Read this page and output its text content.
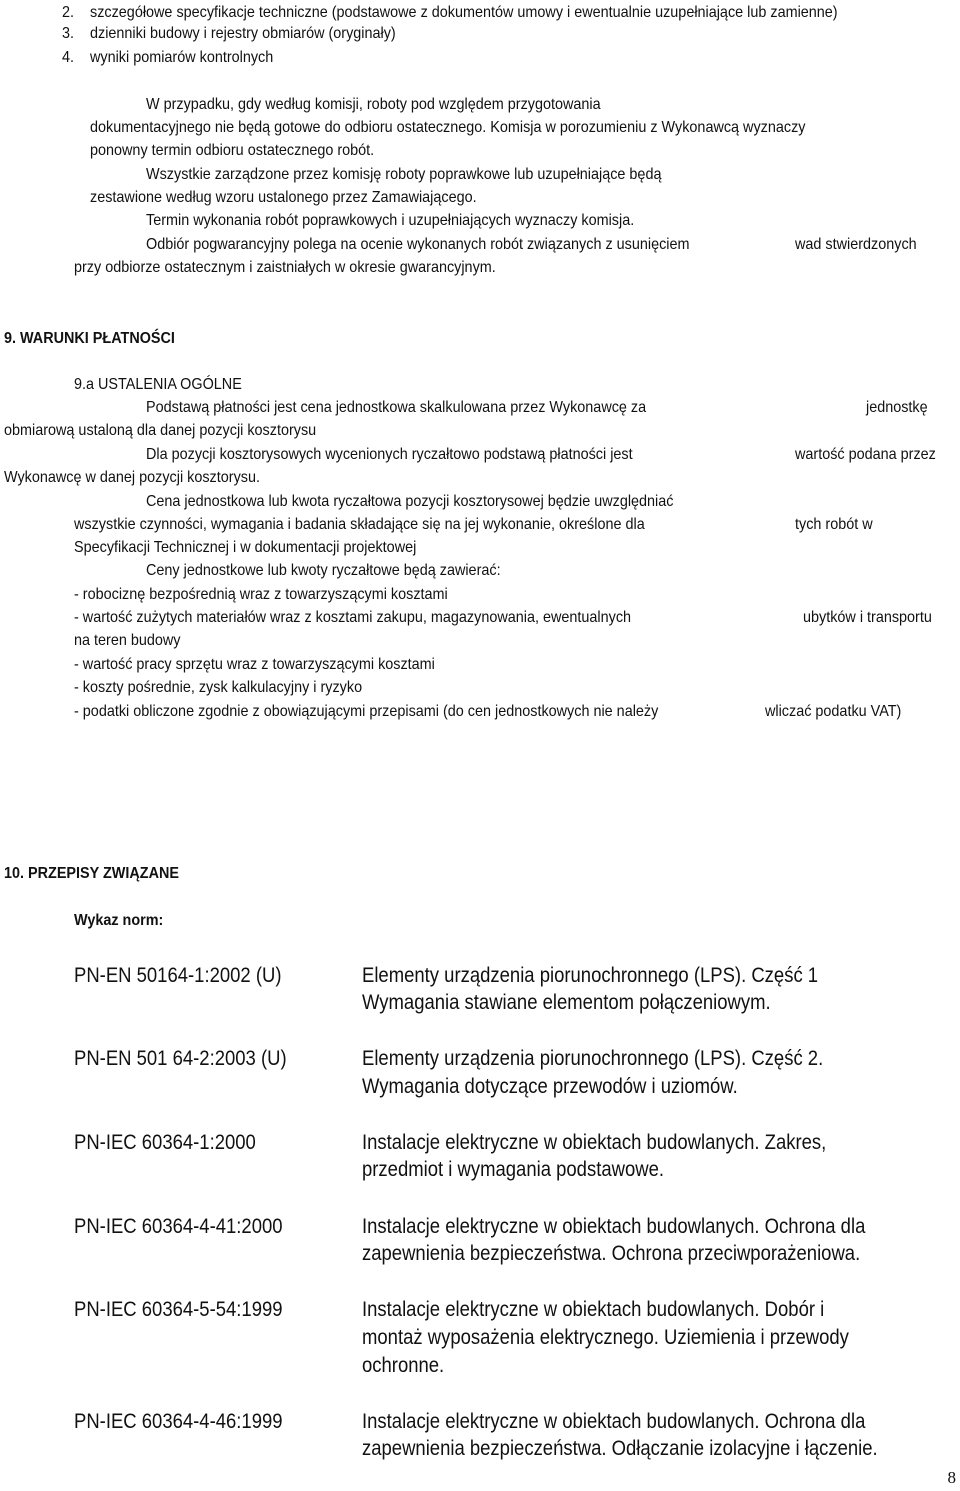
2. szczegółowe specyfikacje techniczne (podstawowe z dokumentów umowy i ewentualnie uzupełniające lub zamienne)
3. dzienniki budowy i rejestry obmiarów (oryginały)
4. wyniki pomiarów kontrolnych
W przypadku, gdy według komisji, roboty pod względem przygotowania
dokumentacyjnego nie będą gotowe do odbioru ostatecznego. Komisja w porozumieniu z Wykonawcą wyznaczy
ponowny termin odbioru ostatecznego robót.
Wszystkie zarządzone przez komisję roboty poprawkowe lub uzupełniające będą
zestawione według wzoru ustalonego przez Zamawiającego.
Termin wykonania robót poprawkowych i uzupełniających wyznaczy komisja.
Odbiór pogwarancyjny polega na ocenie wykonanych robót związanych z usunięciem	wad stwierdzonych
przy odbiorze ostatecznym i zaistniałych w okresie gwarancyjnym.
9. WARUNKI PŁATNOŚCI
9.a USTALENIA OGÓLNE
Podstawą płatności jest cena jednostkowa skalkulowana przez Wykonawcę za	jednostkę
obmiarową ustaloną dla danej pozycji kosztorysu
Dla pozycji kosztorysowych wycenionych ryczałtowo podstawą płatności jest	wartość podana przez
Wykonawcę w danej pozycji kosztorysu.
Cena jednostkowa lub kwota ryczałtowa pozycji kosztorysowej będzie uwzględniać
wszystkie czynności, wymagania i badania składające się na jej wykonanie, określone dla	tych robót w
Specyfikacji Technicznej i w dokumentacji projektowej
Ceny jednostkowe lub kwoty ryczałtowe będą zawierać:
- robociznę bezpośrednią wraz z towarzyszącymi kosztami
- wartość zużytych materiałów wraz z kosztami zakupu, magazynowania, ewentualnych	ubytków i transportu
na teren budowy
- wartość pracy sprzętu wraz z towarzyszącymi kosztami
- koszty pośrednie, zysk kalkulacyjny i ryzyko
- podatki obliczone zgodnie z obowiązującymi przepisami (do cen jednostkowych nie należy	wliczać podatku VAT)
10. PRZEPISY ZWIĄZANE
Wykaz norm:
PN-EN 50164-1:2002 (U)	Elementy urządzenia piorunochronnego (LPS). Część 1
Wymagania stawiane elementom połączeniowym.
PN-EN 501 64-2:2003 (U)	Elementy urządzenia piorunochronnego (LPS). Część 2.
Wymagania dotyczące przewodów i uziomów.
PN-IEC 60364-1:2000	Instalacje elektryczne w obiektach budowlanych. Zakres,
przedmiot i wymagania podstawowe.
PN-IEC 60364-4-41:2000	Instalacje elektryczne w obiektach budowlanych. Ochrona dla
zapewnienia bezpieczeństwa. Ochrona przeciwporażeniowa.
PN-IEC 60364-5-54:1999	Instalacje elektryczne w obiektach budowlanych. Dobór i
montaż wyposażenia elektrycznego. Uziemienia i przewody
ochronne.
PN-IEC 60364-4-46:1999	Instalacje elektryczne w obiektach budowlanych. Ochrona dla
zapewnienia bezpieczeństwa. Odłączanie izolacyjne i łączenie.
8
